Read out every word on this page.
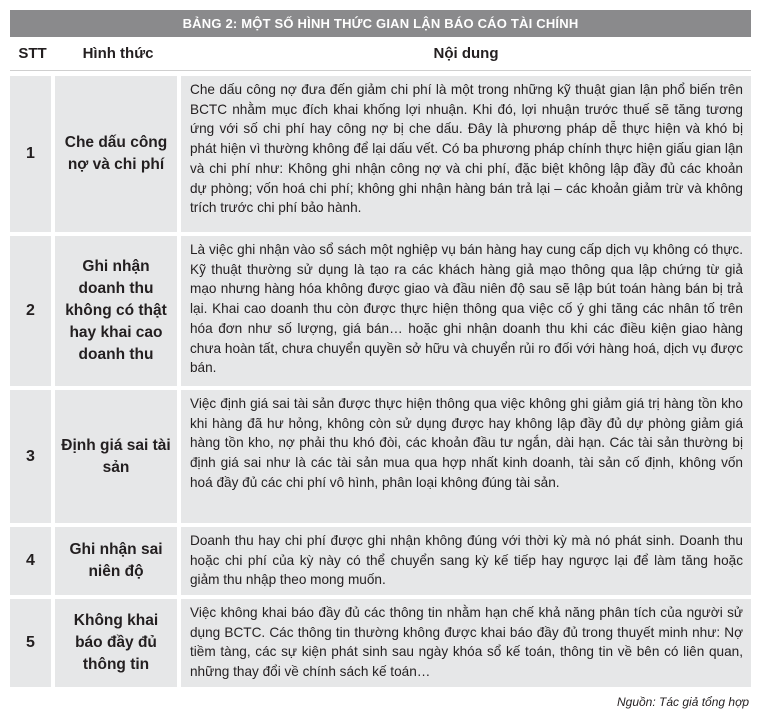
BẢNG 2: MỘT SỐ HÌNH THỨC GIAN LẬN BÁO CÁO TÀI CHÍNH
STT	Hình thức	Nội dung
1
Che dấu công nợ và chi phí
Che dấu công nợ đưa đến giảm chi phí là một trong những kỹ thuật gian lận phổ biến trên BCTC nhằm mục đích khai khống lợi nhuận. Khi đó, lợi nhuận trước thuế sẽ tăng tương ứng với số chi phí hay công nợ bị che dấu. Đây là phương pháp dễ thực hiện và khó bị phát hiện vì thường không để lại dấu vết. Có ba phương pháp chính thực hiện giấu gian lận và chi phí như: Không ghi nhận công nợ và chi phí, đặc biệt không lập đầy đủ các khoản dự phòng; vốn hoá chi phí; không ghi nhận hàng bán trả lại – các khoản giảm trừ và không trích trước chi phí bảo hành.
2
Ghi nhận doanh thu không có thật hay khai cao doanh thu
Là việc ghi nhận vào sổ sách một nghiệp vụ bán hàng hay cung cấp dịch vụ không có thực. Kỹ thuật thường sử dụng là tạo ra các khách hàng giả mạo thông qua lập chứng từ giả mạo nhưng hàng hóa không được giao và đầu niên độ sau sẽ lập bút toán hàng bán bị trả lại. Khai cao doanh thu còn được thực hiện thông qua việc cố ý ghi tăng các nhân tố trên hóa đơn như số lượng, giá bán… hoặc ghi nhận doanh thu khi các điều kiện giao hàng chưa hoàn tất, chưa chuyển quyền sở hữu và chuyển rủi ro đối với hàng hoá, dịch vụ được bán.
3
Định giá sai tài sản
Việc định giá sai tài sản được thực hiện thông qua việc không ghi giảm giá trị hàng tồn kho khi hàng đã hư hỏng, không còn sử dụng được hay không lập đầy đủ dự phòng giảm giá hàng tồn kho, nợ phải thu khó đòi, các khoản đầu tư ngắn, dài hạn. Các tài sản thường bị định giá sai như là các tài sản mua qua hợp nhất kinh doanh, tài sản cố định, không vốn hoá đầy đủ các chi phí vô hình, phân loại không đúng tài sản.
4
Ghi nhận sai niên độ
Doanh thu hay chi phí được ghi nhận không đúng với thời kỳ mà nó phát sinh. Doanh thu hoặc chi phí của kỳ này có thể chuyển sang kỳ kế tiếp hay ngược lại để làm tăng hoặc giảm thu nhập theo mong muốn.
5
Không khai báo đầy đủ thông tin
Việc không khai báo đầy đủ các thông tin nhằm hạn chế khả năng phân tích của người sử dụng BCTC. Các thông tin thường không được khai báo đầy đủ trong thuyết minh như: Nợ tiềm tàng, các sự kiện phát sinh sau ngày khóa sổ kế toán, thông tin về bên có liên quan, những thay đổi về chính sách kế toán…
Nguồn: Tác giả tổng hợp
